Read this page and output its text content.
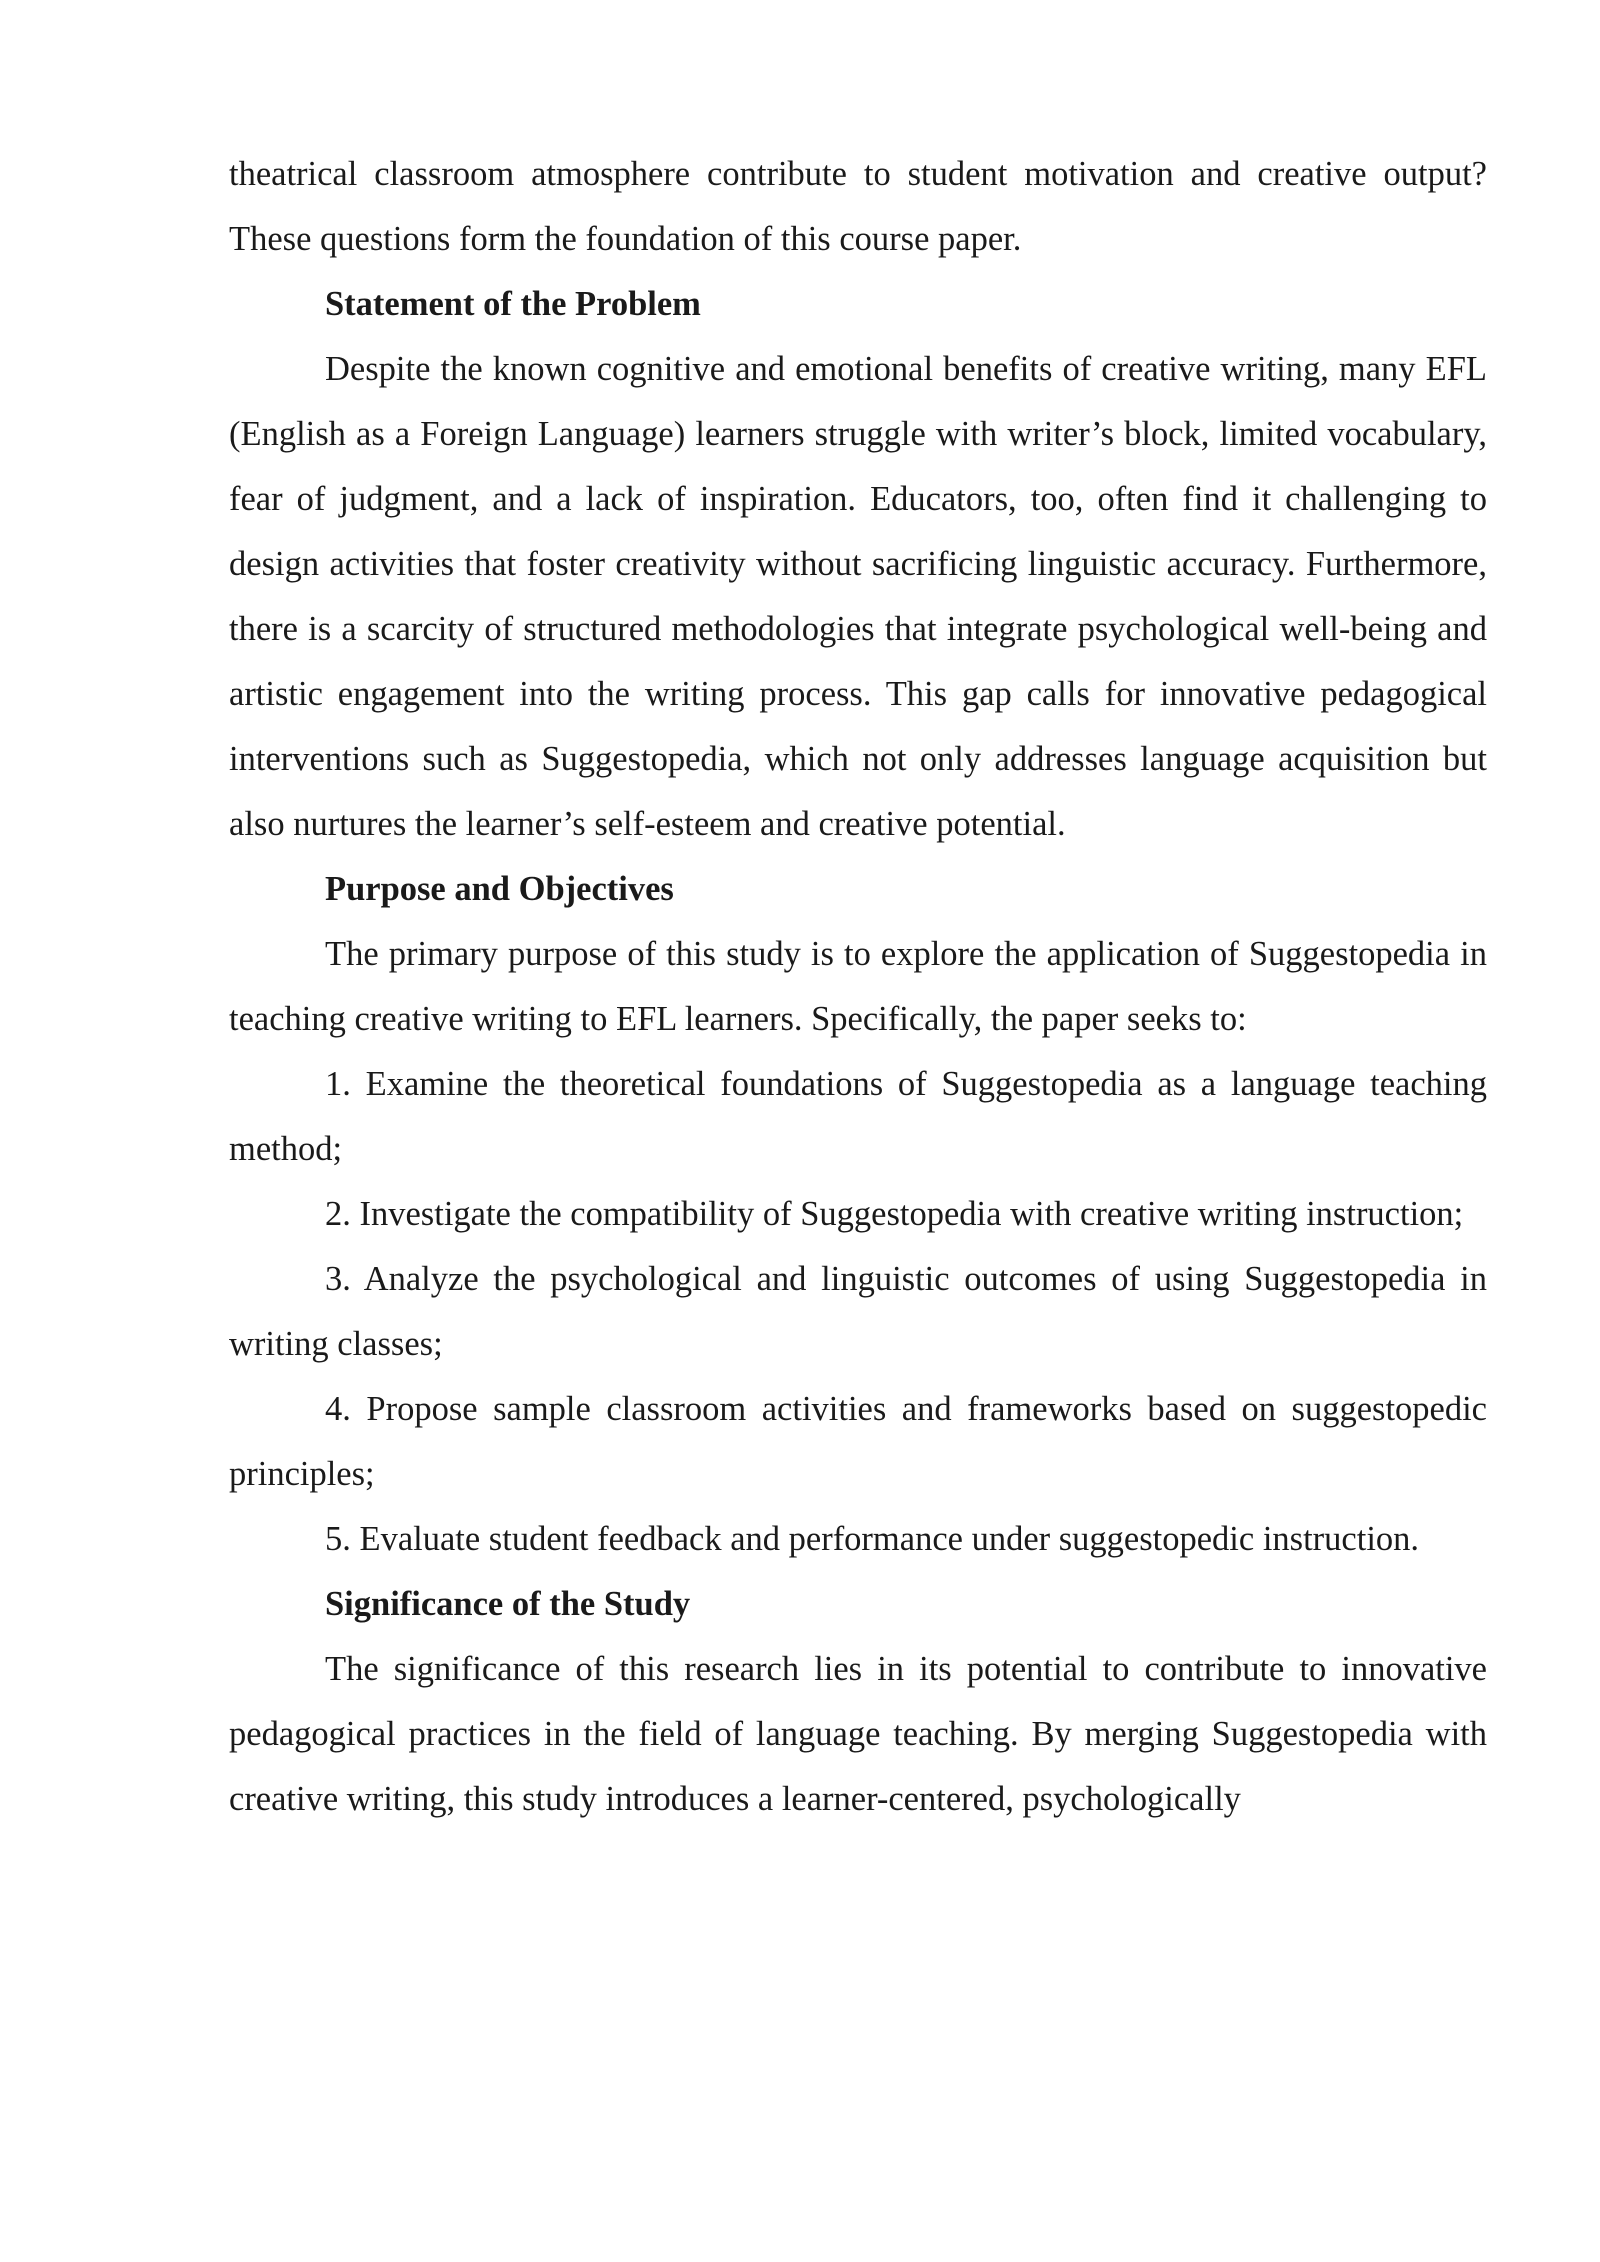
theatrical classroom atmosphere contribute to student motivation and creative output? These questions form the foundation of this course paper.

Statement of the Problem

Despite the known cognitive and emotional benefits of creative writing, many EFL (English as a Foreign Language) learners struggle with writer’s block, limited vocabulary, fear of judgment, and a lack of inspiration. Educators, too, often find it challenging to design activities that foster creativity without sacrificing linguistic accuracy. Furthermore, there is a scarcity of structured methodologies that integrate psychological well-being and artistic engagement into the writing process. This gap calls for innovative pedagogical interventions such as Suggestopedia, which not only addresses language acquisition but also nurtures the learner’s self-esteem and creative potential.

Purpose and Objectives

The primary purpose of this study is to explore the application of Suggestopedia in teaching creative writing to EFL learners. Specifically, the paper seeks to:

1. Examine the theoretical foundations of Suggestopedia as a language teaching method;

2. Investigate the compatibility of Suggestopedia with creative writing instruction;

3. Analyze the psychological and linguistic outcomes of using Suggestopedia in writing classes;

4. Propose sample classroom activities and frameworks based on suggestopedic principles;

5. Evaluate student feedback and performance under suggestopedic instruction.

Significance of the Study

The significance of this research lies in its potential to contribute to innovative pedagogical practices in the field of language teaching. By merging Suggestopedia with creative writing, this study introduces a learner-centered, psychologically
